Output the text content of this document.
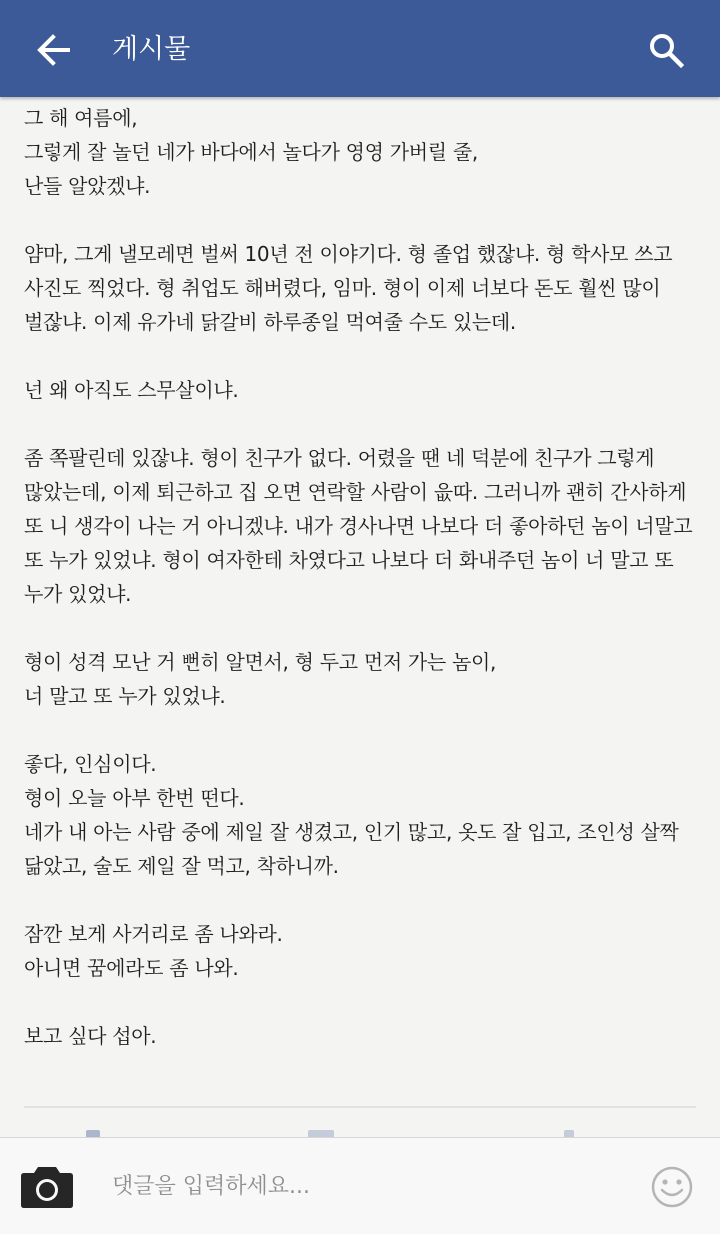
게시물

그 해 여름에,
그렇게 잘 놀던 네가 바다에서 놀다가 영영 가버릴 줄,
난들 알았겠냐.

얌마, 그게 낼모레면 벌써 10년 전 이야기다. 형 졸업 했잖냐. 형 학사모 쓰고
사진도 찍었다. 형 취업도 해버렸다, 임마. 형이 이제 너보다 돈도 훨씬 많이
벌잖냐. 이제 유가네 닭갈비 하루종일 먹여줄 수도 있는데.

넌 왜 아직도 스무살이냐.

좀 쪽팔린데 있잖냐. 형이 친구가 없다. 어렸을 땐 네 덕분에 친구가 그렇게
많았는데, 이제 퇴근하고 집 오면 연락할 사람이 읎따. 그러니까 괜히 간사하게
또 니 생각이 나는 거 아니겠냐. 내가 경사나면 나보다 더 좋아하던 놈이 너말고
또 누가 있었냐. 형이 여자한테 차였다고 나보다 더 화내주던 놈이 너 말고 또
누가 있었냐.

형이 성격 모난 거 뻔히 알면서, 형 두고 먼저 가는 놈이,
너 말고 또 누가 있었냐.

좋다, 인심이다.
형이 오늘 아부 한번 떤다.
네가 내 아는 사람 중에 제일 잘 생겼고, 인기 많고, 옷도 잘 입고, 조인성 살짝
닮았고, 술도 제일 잘 먹고, 착하니까.

잠깐 보게 사거리로 좀 나와라.
아니면 꿈에라도 좀 나와.

보고 싶다 섭아.

댓글을 입력하세요...
